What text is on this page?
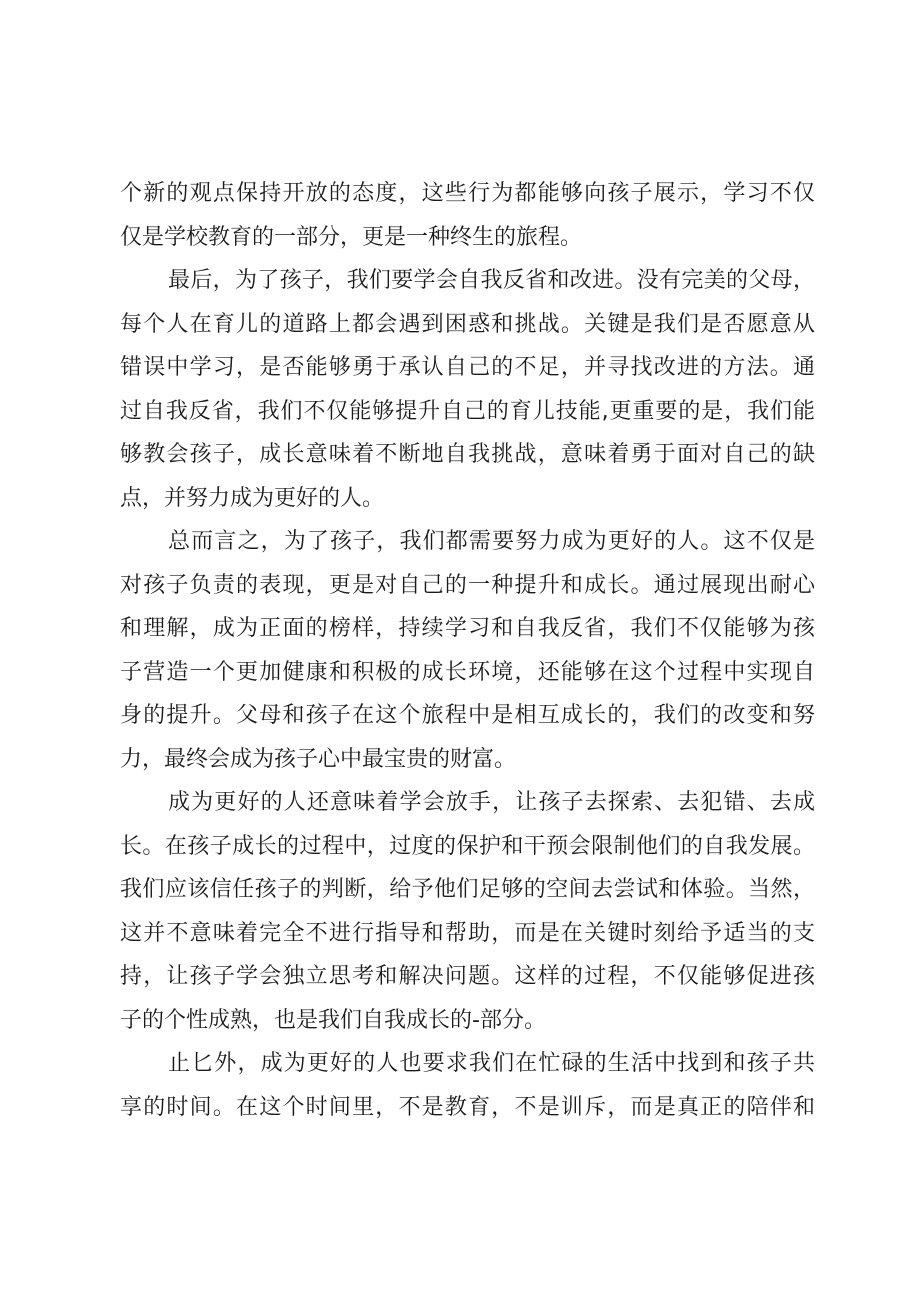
个新的观点保持开放的态度，这些行为都能够向孩子展示，学习不仅
仅是学校教育的一部分，更是一种终生的旅程。
最后，为了孩子，我们要学会自我反省和改进。没有完美的父母，
每个人在育儿的道路上都会遇到困惑和挑战。关键是我们是否愿意从
错误中学习，是否能够勇于承认自己的不足，并寻找改进的方法。通
过自我反省，我们不仅能够提升自己的育儿技能,更重要的是，我们能
够教会孩子，成长意味着不断地自我挑战，意味着勇于面对自己的缺
点，并努力成为更好的人。
总而言之，为了孩子，我们都需要努力成为更好的人。这不仅是
对孩子负责的表现，更是对自己的一种提升和成长。通过展现出耐心
和理解，成为正面的榜样，持续学习和自我反省，我们不仅能够为孩
子营造一个更加健康和积极的成长环境，还能够在这个过程中实现自
身的提升。父母和孩子在这个旅程中是相互成长的，我们的改变和努
力，最终会成为孩子心中最宝贵的财富。
成为更好的人还意味着学会放手，让孩子去探索、去犯错、去成
长。在孩子成长的过程中，过度的保护和干预会限制他们的自我发展。
我们应该信任孩子的判断，给予他们足够的空间去尝试和体验。当然，
这并不意味着完全不进行指导和帮助，而是在关键时刻给予适当的支
持，让孩子学会独立思考和解决问题。这样的过程，不仅能够促进孩
子的个性成熟，也是我们自我成长的-部分。
止匕外，成为更好的人也要求我们在忙碌的生活中找到和孩子共
享的时间。在这个时间里，不是教育，不是训斥，而是真正的陪伴和
